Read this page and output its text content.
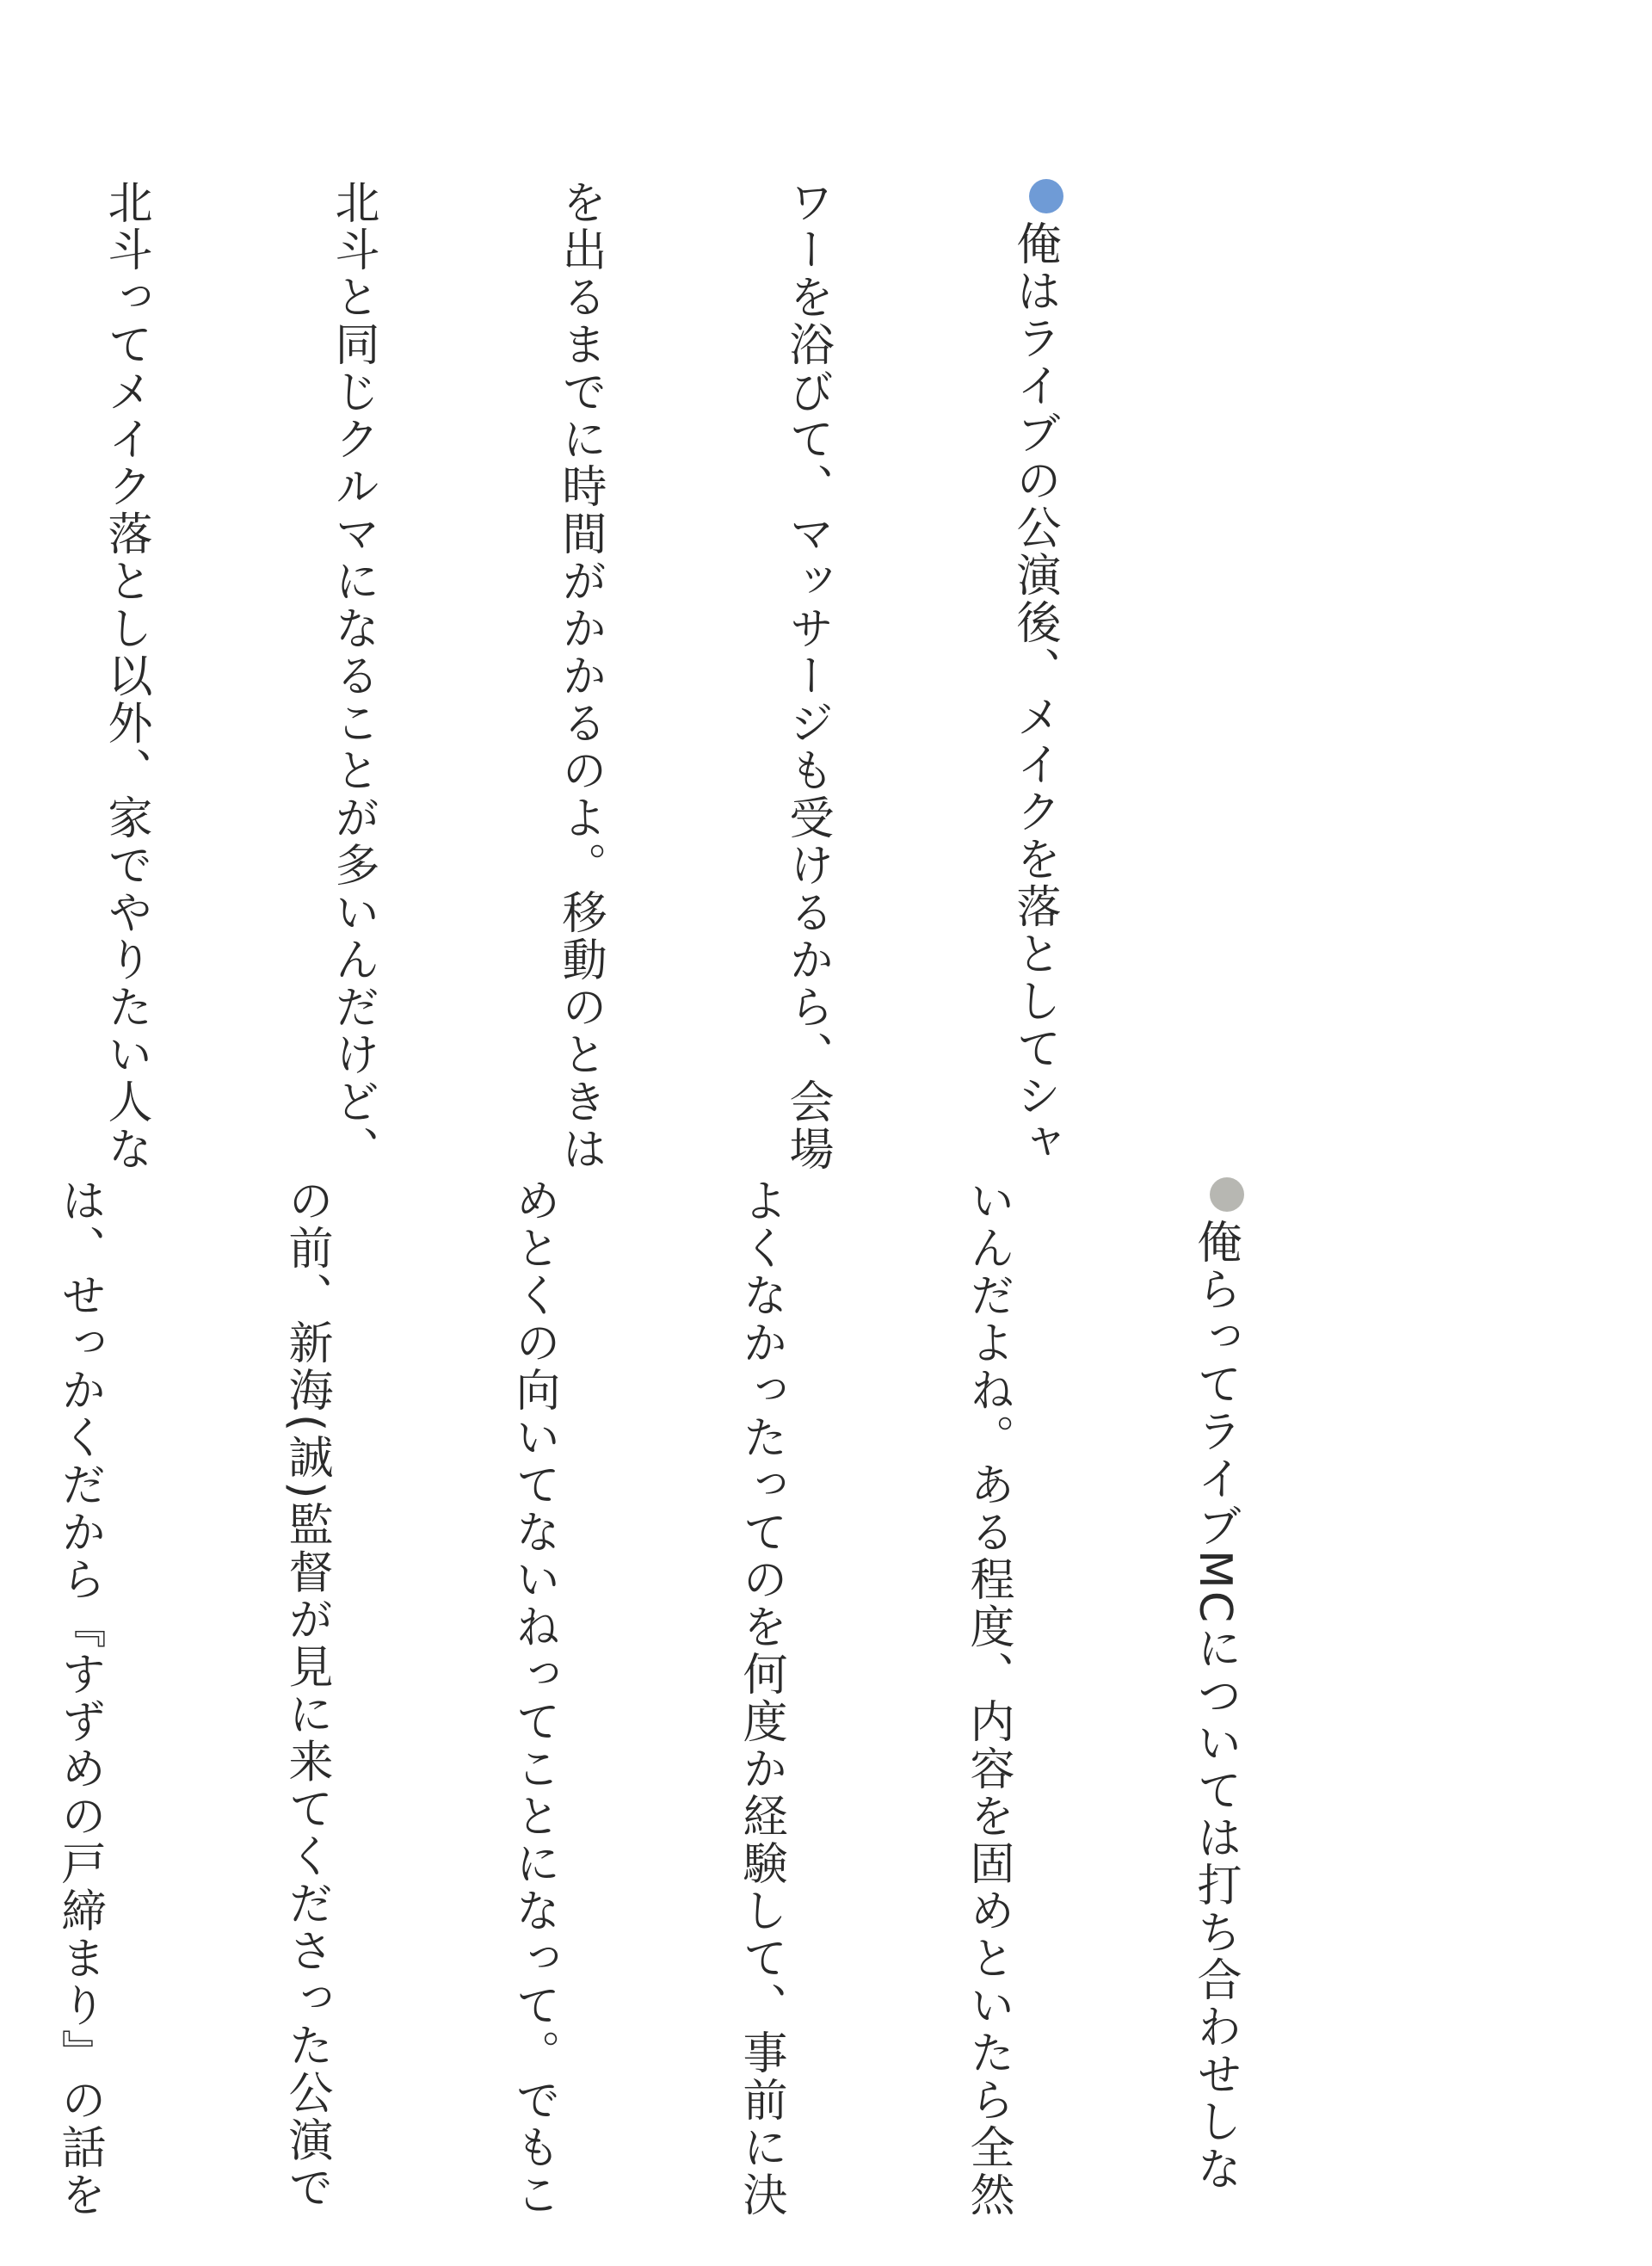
俺はライブの公演後、メイクを落としてシャ

ワーを浴びて、マッサージも受けるから、会場

を出るまでに時間がかかるのよ。移動のときは

北斗と同じクルマになることが多いんだけど、

北斗ってメイク落とし以外、家でやりたい人な

俺らってライブMCについては打ち合わせしな

いんだよね。ある程度、内容を固めといたら全然

よくなかったってのを何度か経験して、事前に決

めとくの向いてないねってことになって。でもこ

の前、新海(誠)監督が見に来てくださった公演で

は、せっかくだから『すずめの戸締まり』の話を
